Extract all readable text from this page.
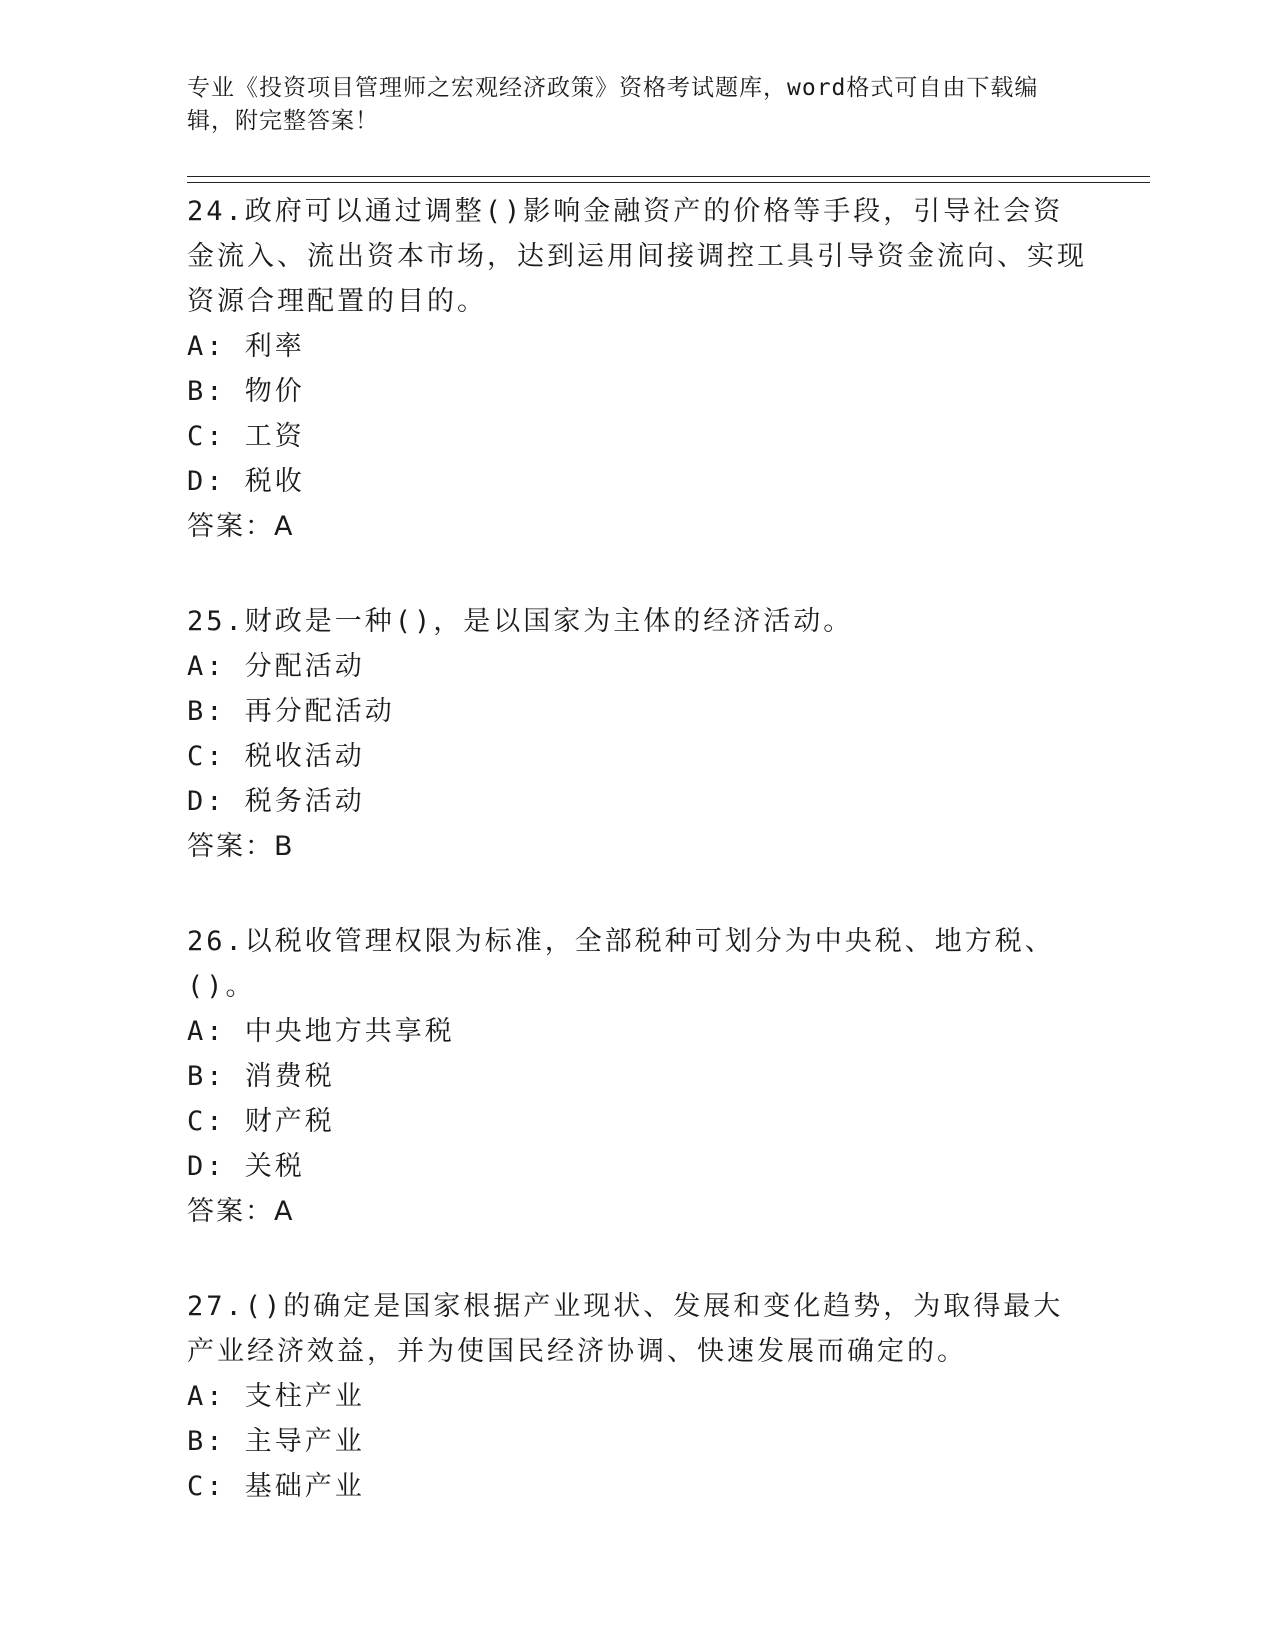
专业《投资项目管理师之宏观经济政策》资格考试题库，word格式可自由下载编辑，附完整答案！

24.政府可以通过调整()影响金融资产的价格等手段，引导社会资金流入、流出资本市场，达到运用间接调控工具引导资金流向、实现资源合理配置的目的。

A: 利率

B: 物价

C: 工资

D: 税收

答案：A

25.财政是一种()，是以国家为主体的经济活动。

A: 分配活动

B: 再分配活动

C: 税收活动

D: 税务活动

答案：B

26.以税收管理权限为标准，全部税种可划分为中央税、地方税、()。

A: 中央地方共享税

B: 消费税

C: 财产税

D: 关税

答案：A

27.()的确定是国家根据产业现状、发展和变化趋势，为取得最大产业经济效益，并为使国民经济协调、快速发展而确定的。

A: 支柱产业

B: 主导产业

C: 基础产业
